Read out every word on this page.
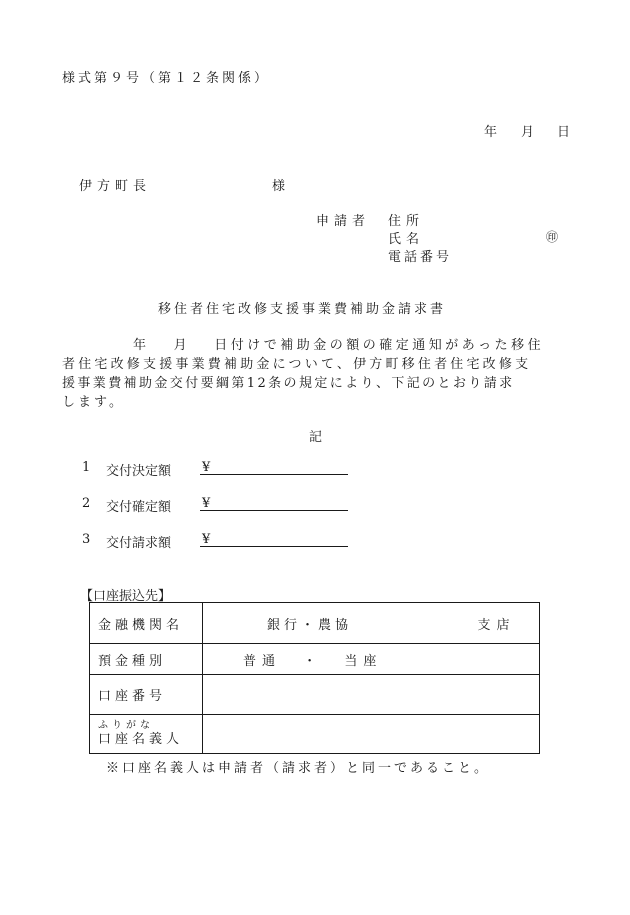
様式第９号（第１２条関係）
年 月 日
伊方町長	様
申請者 住所
氏名	㊞
電話番号
移住者住宅改修支援事業費補助金請求書
年　 月　 日付けで補助金の額の確定通知があった移住
者住宅改修支援事業費補助金について、伊方町移住者住宅改修支
援事業費補助金交付要綱第12条の規定により、下記のとおり請求
します。
記
1 交付決定額 ¥
2 交付確定額 ¥
3 交付請求額 ¥
【口座振込先】
金融機関名	銀行・農協 支店

預金種別	普通 ・ 当座
口座番号	

ふりがな
口座名義人	

※口座名義人は申請者（請求者）と同一であること。
